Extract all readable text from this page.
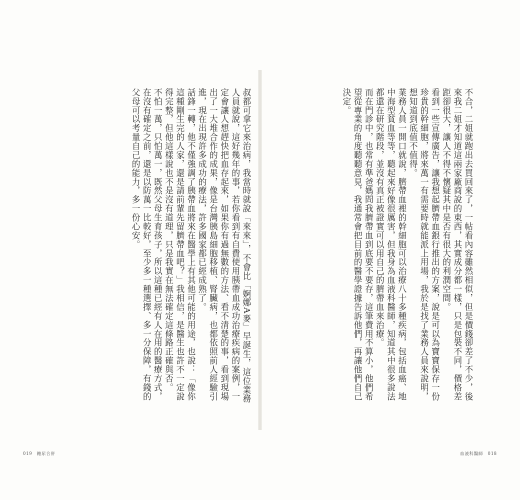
叔都可拿它來治病，我當時就說「來來」，不會比「婀娜A麥」早誕生，這位業務人員就說，這好幾年的事，若你看到有自費使用胰帶血成功治療疾病的案例，一定會讓人想趕快把血存起來，如果你有過無數的方法、看不清楚的事，看到現場出了一大堆合作的成果，像是台灣胰島細胞移植、腎臟病，也都依照前人經驗引進，現在出現許多成功的療法，許多國家都已經成熟了。

話鋒一轉，他不僅強調了胰帶血將來在醫學上有其他可能的用途，也說：「像你這種剛生完的人家，還是請前輩先留臍帶血吧？」我相信，是醫生也許不一定說得完整，但他這樣說也不是沒有道理，只是我實在無法確定這條路正確與否。

不怕一萬，只怕萬一，既然父母生育孩子，所以這種已經有人在用的醫療方式，在沒有確定之前，還是以防萬一比較好，至少多一種選擇、多一分保障，有錢的父母可以考量自己的能力，多一份心安。

019 糖尿合併

不合，二姐就跑出去買回來了，一帖看內容雖然相似，但是價錢卻差了不少，後來我二姐才知道這兩家廠商說的東西，其實成分都一樣，只是包裝不同，價格差距卻很大，讓人不得不懷疑其中是否有很大的利潤空間。

看到一些宣傳廣告，讓我想起臍帶血銀行推出的方案，說是可以為寶寶保存一份珍貴的幹細胞，將來萬一有需要時就能派上用場，我於是找了業務人員來說明，想知道到底值不值得。

業務人員一開口就說，臍帶血裡的幹細胞可以治療八十多種疾病，包括血癌、地中海型貧血等等，聽起來好像很厲害，但我身為血液科醫師，知道其中很多說法都還在研究階段，並沒有真正被證實可以用自己的臍帶血來治療。

而在門診中，也常有準爸媽問我臍帶血到底要不要存，這筆費用不算小，他們希望從專業的角度聽聽意見，我通常會把目前的醫學證據告訴他們，再讓他們自己決定。

血液科醫師 018
